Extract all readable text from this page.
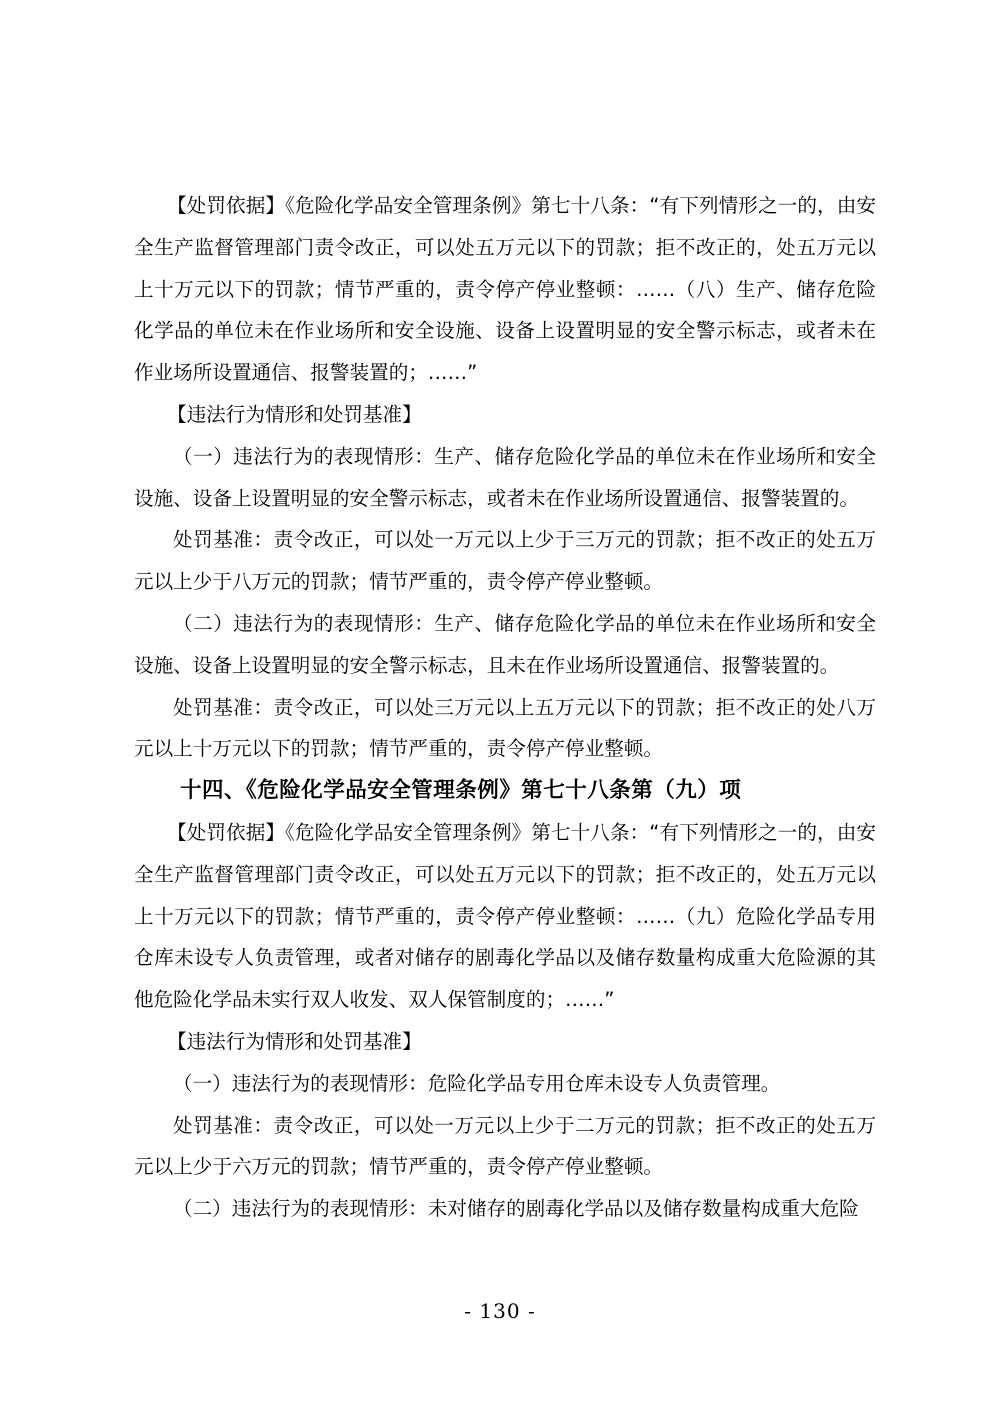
【处罚依据】《危险化学品安全管理条例》第七十八条：“有下列情形之一的，由安全生产监督管理部门责令改正，可以处五万元以下的罚款；拒不改正的，处五万元以上十万元以下的罚款；情节严重的，责令停产停业整顿：……（八）生产、储存危险化学品的单位未在作业场所和安全设施、设备上设置明显的安全警示标志，或者未在作业场所设置通信、报警装置的；……”

【违法行为情形和处罚基准】

（一）违法行为的表现情形：生产、储存危险化学品的单位未在作业场所和安全设施、设备上设置明显的安全警示标志，或者未在作业场所设置通信、报警装置的。

处罚基准：责令改正，可以处一万元以上少于三万元的罚款；拒不改正的处五万元以上少于八万元的罚款；情节严重的，责令停产停业整顿。

（二）违法行为的表现情形：生产、储存危险化学品的单位未在作业场所和安全设施、设备上设置明显的安全警示标志，且未在作业场所设置通信、报警装置的。

处罚基准：责令改正，可以处三万元以上五万元以下的罚款；拒不改正的处八万元以上十万元以下的罚款；情节严重的，责令停产停业整顿。

十四、《危险化学品安全管理条例》第七十八条第（九）项

【处罚依据】《危险化学品安全管理条例》第七十八条：“有下列情形之一的，由安全生产监督管理部门责令改正，可以处五万元以下的罚款；拒不改正的，处五万元以上十万元以下的罚款；情节严重的，责令停产停业整顿：……（九）危险化学品专用仓库未设专人负责管理，或者对储存的剧毒化学品以及储存数量构成重大危险源的其他危险化学品未实行双人收发、双人保管制度的；……”

【违法行为情形和处罚基准】

（一）违法行为的表现情形：危险化学品专用仓库未设专人负责管理。

处罚基准：责令改正，可以处一万元以上少于二万元的罚款；拒不改正的处五万元以上少于六万元的罚款；情节严重的，责令停产停业整顿。

（二）违法行为的表现情形：未对储存的剧毒化学品以及储存数量构成重大危险

- 130 -
